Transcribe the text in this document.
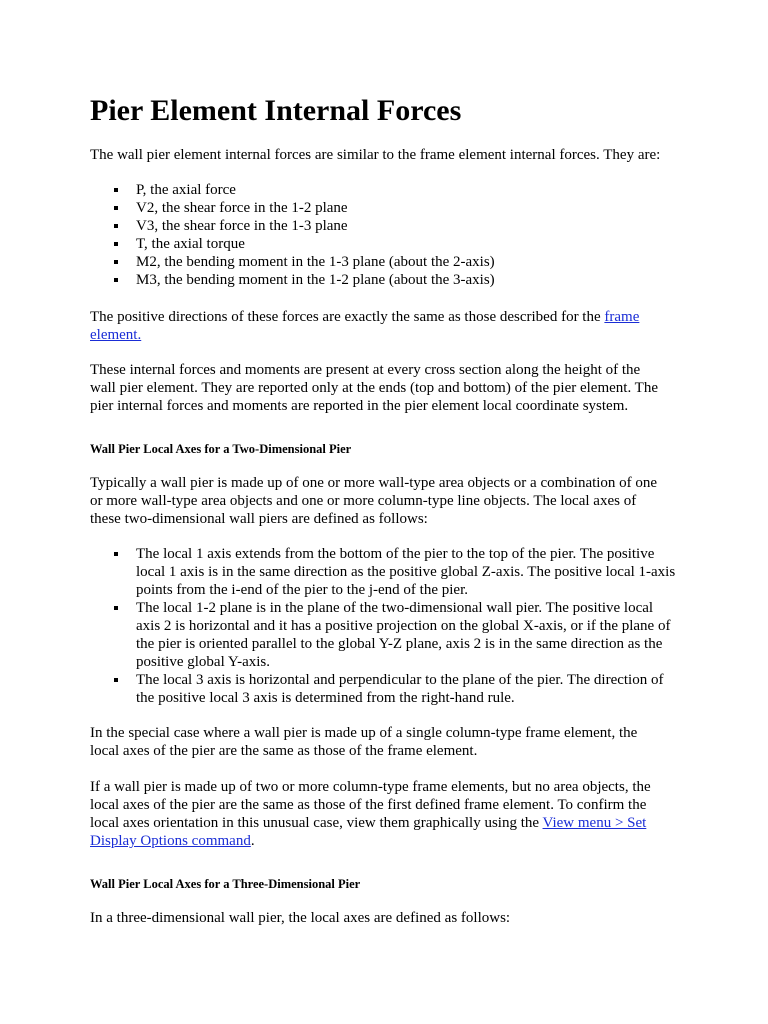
Pier Element Internal Forces

The wall pier element internal forces are similar to the frame element internal forces. They are:

P, the axial force
V2, the shear force in the 1-2 plane
V3, the shear force in the 1-3 plane
T, the axial torque
M2, the bending moment in the 1-3 plane (about the 2-axis)
M3, the bending moment in the 1-2 plane (about the 3-axis)

The positive directions of these forces are exactly the same as those described for the frame element.

These internal forces and moments are present at every cross section along the height of the wall pier element. They are reported only at the ends (top and bottom) of the pier element. The pier internal forces and moments are reported in the pier element local coordinate system.

Wall Pier Local Axes for a Two-Dimensional Pier

Typically a wall pier is made up of one or more wall-type area objects or a combination of one or more wall-type area objects and one or more column-type line objects. The local axes of these two-dimensional wall piers are defined as follows:

The local 1 axis extends from the bottom of the pier to the top of the pier. The positive local 1 axis is in the same direction as the positive global Z-axis. The positive local 1-axis points from the i-end of the pier to the j-end of the pier.
The local 1-2 plane is in the plane of the two-dimensional wall pier. The positive local axis 2 is horizontal and it has a positive projection on the global X-axis, or if the plane of the pier is oriented parallel to the global Y-Z plane, axis 2 is in the same direction as the positive global Y-axis.
The local 3 axis is horizontal and perpendicular to the plane of the pier. The direction of the positive local 3 axis is determined from the right-hand rule.

In the special case where a wall pier is made up of a single column-type frame element, the local axes of the pier are the same as those of the frame element.

If a wall pier is made up of two or more column-type frame elements, but no area objects, the local axes of the pier are the same as those of the first defined frame element. To confirm the local axes orientation in this unusual case, view them graphically using the View menu > Set Display Options command.

Wall Pier Local Axes for a Three-Dimensional Pier

In a three-dimensional wall pier, the local axes are defined as follows:
